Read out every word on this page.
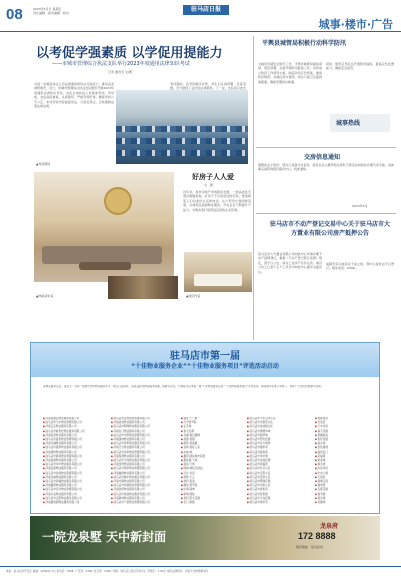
08	2023年5月日 星期五
责任编辑 · 美术编辑 · 校对	驻马店日报
城事·楼市·广告
以考促学强素质 以学促用提能力
——市城市管理综合执法支队举行2023年度通用法律知识考试
记者 通讯员 文/图
为进一步提高执法人员法律素质和依法行政能力，推动法治城管建设，近日，市城市管理综合执法支队组织开展2023年度通用法律知识考试，支队全体执法人员参加考试。考试前，支队高度重视，认真组织，严格考场纪律，确保考试公平公正。本次考试内容涵盖宪法、行政处罚法、行政强制法等法律法规。
考试期间，各考场秩序井然，考生们认真审题、沉着答题，充分展现了良好的法律素养。下一步，支队将以此次
▲考试现场
好房子人人爱
文 · 图
近年来，我市房地产市场稳步发展，一批品质住宅项目相继落地。好房子不仅是居住的空间，更承载着人们对美好生活的向往。从户型设计到园林景观，从建筑品质到物业服务，开发企业不断提升产品力，为购房者打造舒适宜居的生活环境。
▲样板间实景	▲项目内景
平舆县城管局积极行动科学防汛
为做好汛期安全防范工作，平舆县城管局提前谋划、周密部署，全面开展防汛准备工作。该局成立防汛工作领导小组，制定防汛应急预案，储备防汛物资，对城区排水管网、雨水口进行全面排查疏通，确保汛期排水畅通。
同时，组织应急队伍开展防汛演练，提高应急处置能力，确保安全度汛。
城事热线
交房信息通知
尊敬的业主您好：项目已具备交付条件，请各位业主携带相关资料于规定时间前往办理交房手续。具体事宜请咨询项目服务中心。特此通知。
2023年5月
驻马店市不动产登记交易中心关于驻马店市大方置业有限公司房产抵押公告
驻马店市大方置业有限公司向我中心申请办理不动产抵押登记，根据《不动产登记暂行条例》规定，现予以公告。如对上述房产有异议的，请自公告之日起十五个工作日内向我中心提出书面异议。
逾期无异议或异议不成立的，我中心将依法予以登记。联系电话：0396-。
驻马店市第一届
“十佳物业服务企业”“十佳物业服务项目”评选活动启动
各物业服务企业、各业主：为进一步提升我市物业服务水平，树立行业标杆，营造良好的物业服务氛围，经研究决定，开展驻马店市第一届“十佳物业服务企业”“十佳物业服务项目”评选活动，现将参评名单公布如下，欢迎广大市民积极参与投票。
■ 河南省建业物业服务有限公司
■ 驻马店市天中物业管理有限公司
■ 河南正弘物业服务有限公司
■ 驻马店市新世纪物业服务有限公司
■ 河南恒泰物业服务有限公司
■ 驻马店市盛世物业管理有限公司
■ 河南龙湖物业服务有限公司
■ 驻马店市嘉和物业服务有限公司
■ 河南康桥物业服务有限公司
■ 驻马店市御景物业管理有限公司
■ 河南昌建物业服务有限公司
■ 驻马店市华中物业服务有限公司
■ 河南亚新物业服务有限公司
■ 驻马店市金鼎物业管理有限公司
■ 河南永威物业服务有限公司
■ 驻马店市鸿福物业服务有限公司
■ 河南鑫苑物业服务有限公司
■ 驻马店市宏达物业管理有限公司
■ 河南兴业物业服务有限公司
■ 驻马店市正阳物业服务有限公司
■ 河南碧桂园物业服务有限公司
■ 驻马店市安居物业管理有限公司
■ 河南美景物业服务有限公司
■ 驻马店市明珠物业服务有限公司
■ 河南名门物业服务有限公司
■ 驻马店市中原物业管理有限公司
■ 河南绿地物业服务有限公司
■ 驻马店市泰和物业服务有限公司
■ 河南万达物业服务有限公司
■ 驻马店市佳和物业管理有限公司
■ 河南保利物业服务有限公司
■ 驻马店市天成物业服务有限公司
■ 河南金科物业服务有限公司
■ 驻马店市锦华物业管理有限公司
■ 河南融创物业服务有限公司
■ 驻马店市瑞丰物业服务有限公司
■ 河南中海物业服务有限公司
■ 驻马店市和谐物业管理有限公司
■ 河南世纪物业服务有限公司
■ 驻马店市恒信物业服务有限公司
■ 河南新城物业服务有限公司
■ 驻马店市广厦物业管理有限公司
■ 建业·十八城
■ 天中壹号院
■ 正弘城
■ 恒大名都
■ 龙湖·春江郦城
■ 昌建·誉园
■ 康桥·香溪郡
■ 亚新·美好人家
■ 永威·城
■ 鑫苑·国际城市花园
■ 碧桂园·天悦
■ 美景·天城
■ 绿地·城际空间站
■ 万达·华府
■ 保利·天汇
■ 金科·集美
■ 融创·壹号院
■ 中海·锦城
■ 新城·国际
■ 世纪·阳光花园
■ 名门·紫园
■ 驻马店市天中山水小区
■ 驻马店市书香苑小区
■ 驻马店市金桂园小区
■ 驻马店市锦绣华城
■ 驻马店市翡翠城
■ 驻马店市阳光花园
■ 驻马店市东方明珠
■ 驻马店市嘉和苑
■ 驻马店市御景湾
■ 驻马店市华中城
■ 驻马店市金鼎花园
■ 驻马店市鸿福苑
■ 驻马店市宏达小区
■ 驻马店市正阳小区
■ 驻马店市安居小区
■ 驻马店市明珠花园
■ 驻马店市中原小区
■ 驻马店市泰和苑
■ 驻马店市佳和园
■ 驻马店市天成花园
■ 驻马店市锦华苑
■ 贵都悦府
■ 龙泉府
■ 天中华府
■ 春天花园
■ 香榭丽舍
■ 世纪家园
■ 丽水湾
■ 金色港湾
■ 盛世名门
■ 幸福里
■ 紫金城
■ 御龙湾
■ 水岸华府
■ 中央公园
■ 天悦府
■ 锦绣江南
■ 翡翠湾
■ 名都花园
■ 嘉禾园
■ 星河湾
■ 凤凰城
一院龙泉墅 天中新封面
龙泉府
172 8888
项目地址：驻马店市
地址：驻马店市开发区 邮编：463000 办公室电话：0396- 广告部：0396- 发行部：0396- 印刷：驻马店日报社印务中心 零售价：1.00元 本报法律顾问：河南天中律师事务所
